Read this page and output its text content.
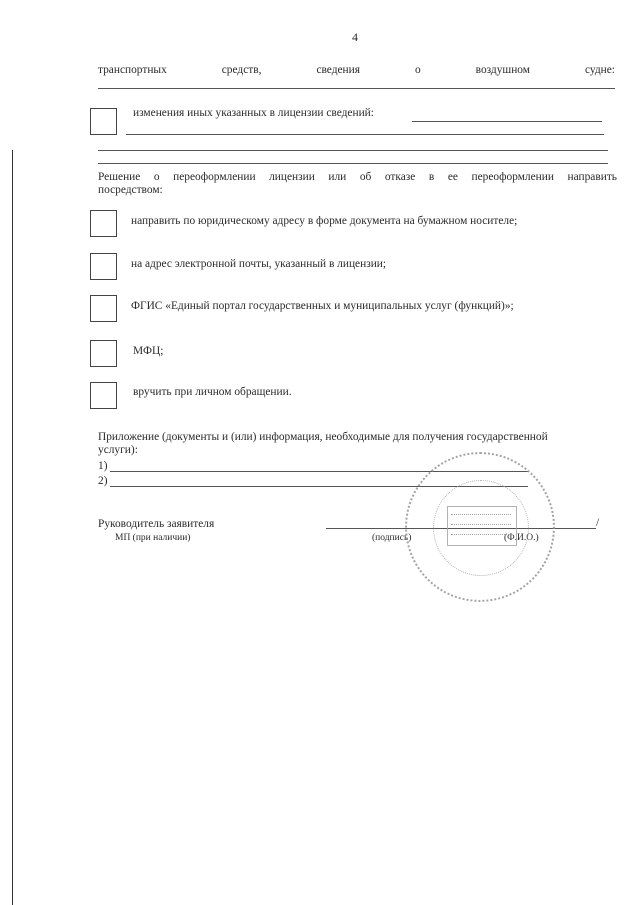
4
транспортных	средств,	сведения	о	воздушном	судне:
изменения иных указанных в лицензии сведений:
Решение о переоформлении лицензии или об отказе в ее переоформлении направить
посредством:
направить по юридическому адресу в форме документа на бумажном носителе;
на адрес электронной почты, указанный в лицензии;
ФГИС «Единый портал государственных и муниципальных услуг (функций)»;
МФЦ;
вручить при личном обращении.
Приложение (документы и (или) информация, необходимые для получения государственной
услуги):
1)
2)
Руководитель заявителя
МП (при наличии)
/
(подпись)	(Ф.И.О.)
